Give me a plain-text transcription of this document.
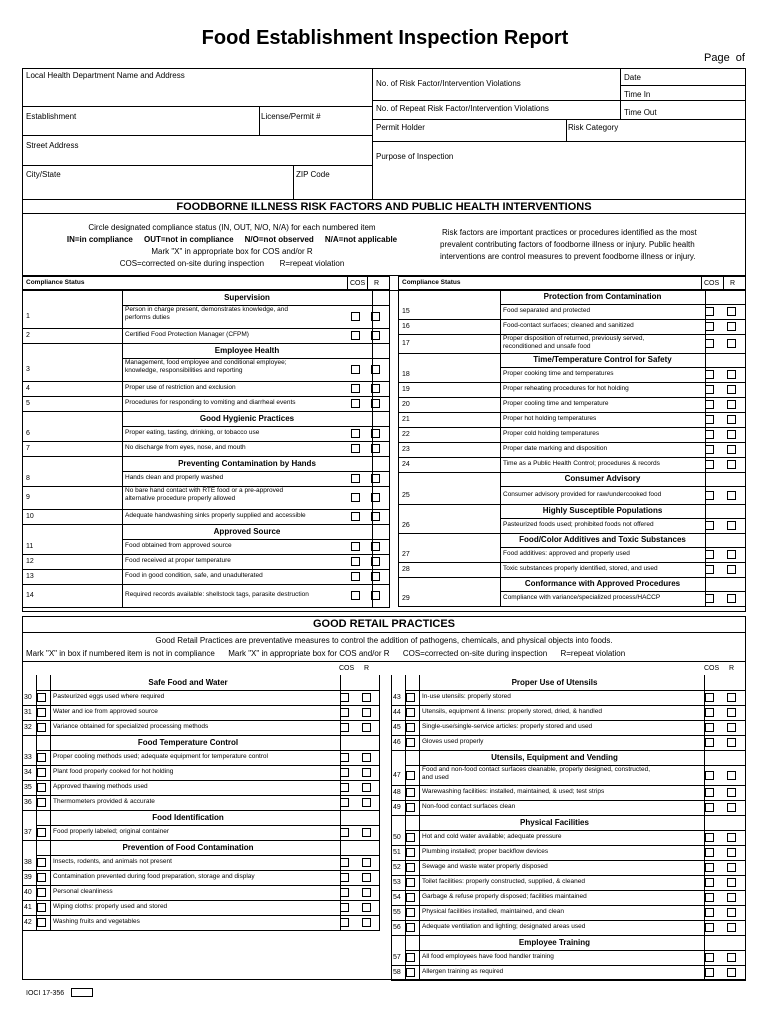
Food Establishment Inspection Report
Page  of
Local Health Department Name and Address
No. of Risk Factor/Intervention Violations
Date
Time In
No. of Repeat Risk Factor/Intervention Violations	Time Out
Establishment	License/Permit #
Permit Holder	Risk Category
Street Address
Purpose of Inspection
City/State	ZIP Code
FOODBORNE ILLNESS RISK FACTORS AND PUBLIC HEALTH INTERVENTIONS
Circle designated compliance status (IN, OUT, N/O, N/A) for each numbered item
IN=in compliance     OUT=not in compliance     N/O=not observed     N/A=not applicable
Mark "X" in appropriate box for COS and/or R
COS=corrected on-site during inspection       R=repeat violation
Risk factors are important practices or procedures identified as the most
prevalent contributing factors of foodborne illness or injury. Public health
interventions are control measures to prevent foodborne illness or injury.
Compliance Status	COS R
Supervision
1
Person in charge present, demonstrates knowledge, and
performs duties
2	Certified Food Protection Manager (CFPM)
Employee Health
3
Management, food employee and conditional employee;
knowledge, responsibilities and reporting
4	Proper use of restriction and exclusion
5	Procedures for responding to vomiting and diarrheal events
Good Hygienic Practices
6	Proper eating, tasting, drinking, or tobacco use
7	No discharge from eyes, nose, and mouth
Preventing Contamination by Hands
8	Hands clean and properly washed
9
No bare hand contact with RTE food or a pre-approved
alternative procedure properly allowed
10	Adequate handwashing sinks properly supplied and accessible
Approved Source
11	Food obtained from approved source
12	Food received at proper temperature
13	Food in good condition, safe, and unadulterated
14	Required records available: shellstock tags, parasite destruction
Compliance Status	COS R
Protection from Contamination
15	Food separated and protected
16	Food-contact surfaces; cleaned and sanitized
17
Proper disposition of returned, previously served,
reconditioned and unsafe food
Time/Temperature Control for Safety
18	Proper cooking time and temperatures
19	Proper reheating procedures for hot holding
20	Proper cooling time and temperature
21	Proper hot holding temperatures
22	Proper cold holding temperatures
23	Proper date marking and disposition
24	Time as a Public Health Control; procedures & records
Consumer Advisory
25	Consumer advisory provided for raw/undercooked food
Highly Susceptible Populations
26	Pasteurized foods used; prohibited foods not offered
Food/Color Additives and Toxic Substances
27	Food additives: approved and properly used
28	Toxic substances properly identified, stored, and used
Conformance with Approved Procedures
29	Compliance with variance/specialized process/HACCP
GOOD RETAIL PRACTICES
Good Retail Practices are preventative measures to control the addition of pathogens, chemicals, and physical objects into foods.
Mark "X" in box if numbered item is not in compliance      Mark "X" in appropriate box for COS and/or R      COS=corrected on-site during inspection      R=repeat violation
Safe Food and Water
30	Pasteurized eggs used where required
31	Water and ice from approved source
32	Variance obtained for specialized processing methods
Food Temperature Control
33	Proper cooling methods used; adequate equipment for temperature control
34	Plant food properly cooked for hot holding
35	Approved thawing methods used
36	Thermometers provided & accurate
Food Identification
37	Food properly labeled; original container
Prevention of Food Contamination
38	Insects, rodents, and animals not present
39	Contamination prevented during food preparation, storage and display
40	Personal cleanliness
41	Wiping cloths: properly used and stored
42	Washing fruits and vegetables
COS R
Proper Use of Utensils
43	In-use utensils: properly stored
44	Utensils, equipment & linens: properly stored, dried, & handled
45	Single-use/single-service articles: properly stored and used
46	Gloves used properly
Utensils, Equipment and Vending
47
Food and non-food contact surfaces cleanable, properly designed, constructed,
and used
48	Warewashing facilities: installed, maintained, & used; test strips
49	Non-food contact surfaces clean
Physical Facilities
50	Hot and cold water available; adequate pressure
51	Plumbing installed; proper backflow devices
52	Sewage and waste water properly disposed
53	Toilet facilities: properly constructed, supplied, & cleaned
54	Garbage & refuse properly disposed; facilities maintained
55	Physical facilities installed, maintained, and clean
56	Adequate ventilation and lighting; designated areas used
Employee Training
57	All food employees have food handler training
58	Allergen training as required
COS R
IOCI 17-356
